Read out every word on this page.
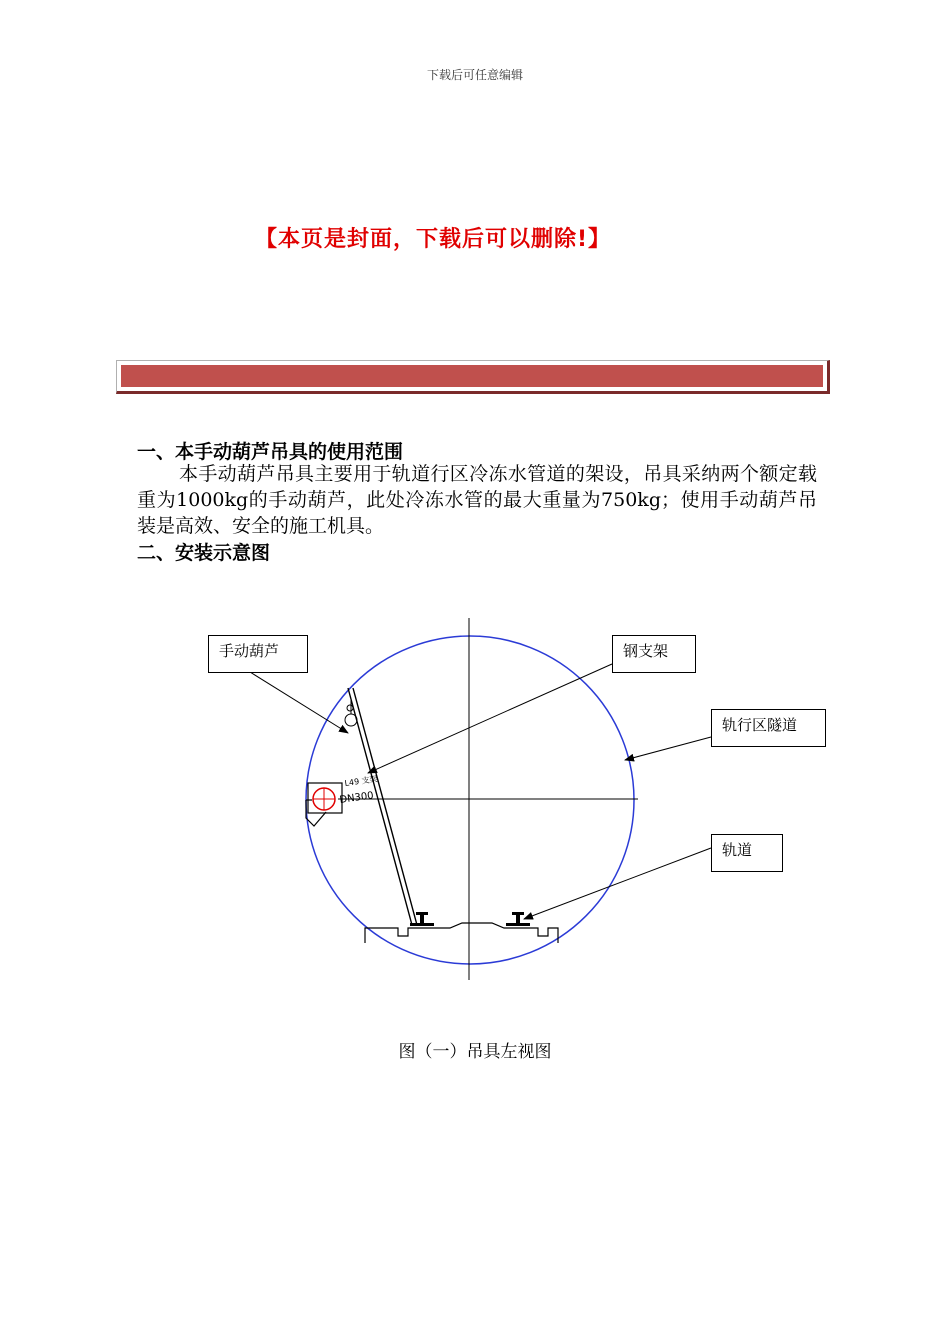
下载后可任意编辑
【本页是封面，下载后可以删除!】
一、本手动葫芦吊具的使用范围
本手动葫芦吊具主要用于轨道行区冷冻水管道的架设，吊具采纳两个额定载重为1000kg的手动葫芦，此处冷冻水管的最大重量为750kg；使用手动葫芦吊装是高效、安全的施工机具。
二、安装示意图
L49 支架
DN300
手动葫芦	钢支架
轨行区隧道
轨道
图（一）吊具左视图
